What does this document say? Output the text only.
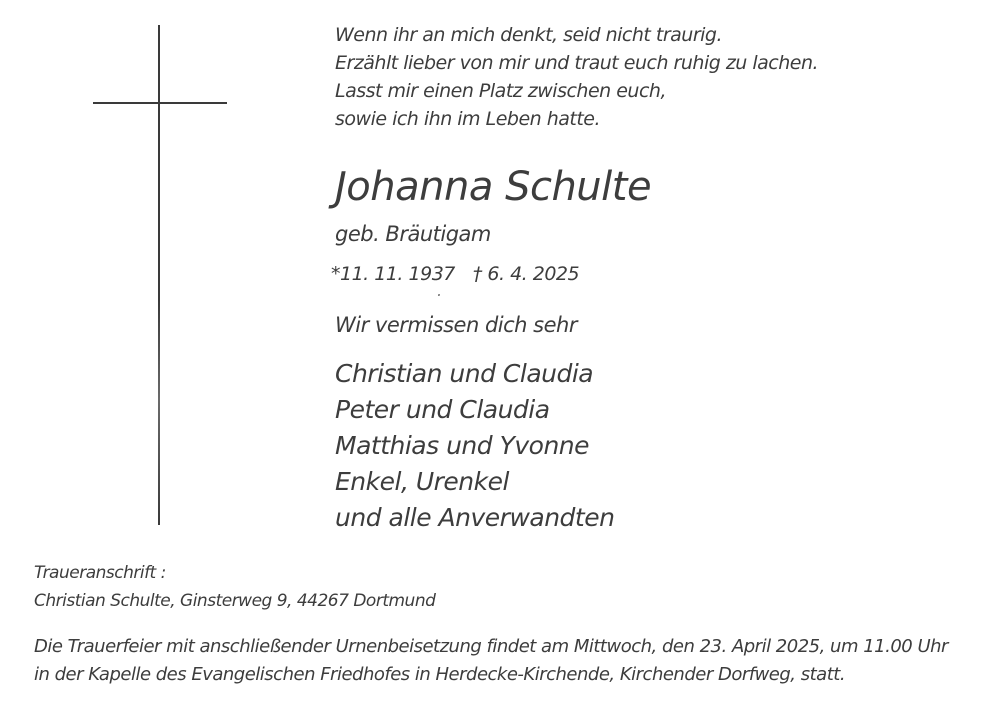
Wenn ihr an mich denkt, seid nicht traurig.
Erzählt lieber von mir und traut euch ruhig zu lachen.
Lasst mir einen Platz zwischen euch,
sowie ich ihn im Leben hatte.
Johanna Schulte
geb. Bräutigam
*11. 11. 1937 † 6. 4. 2025
.
Wir vermissen dich sehr
Christian und Claudia
Peter und Claudia
Matthias und Yvonne
Enkel, Urenkel
und alle Anverwandten
Traueranschrift :
Christian Schulte, Ginsterweg 9, 44267 Dortmund
Die Trauerfeier mit anschließender Urnenbeisetzung findet am Mittwoch, den 23. April 2025, um 11.00 Uhr
in der Kapelle des Evangelischen Friedhofes in Herdecke-Kirchende, Kirchender Dorfweg, statt.
